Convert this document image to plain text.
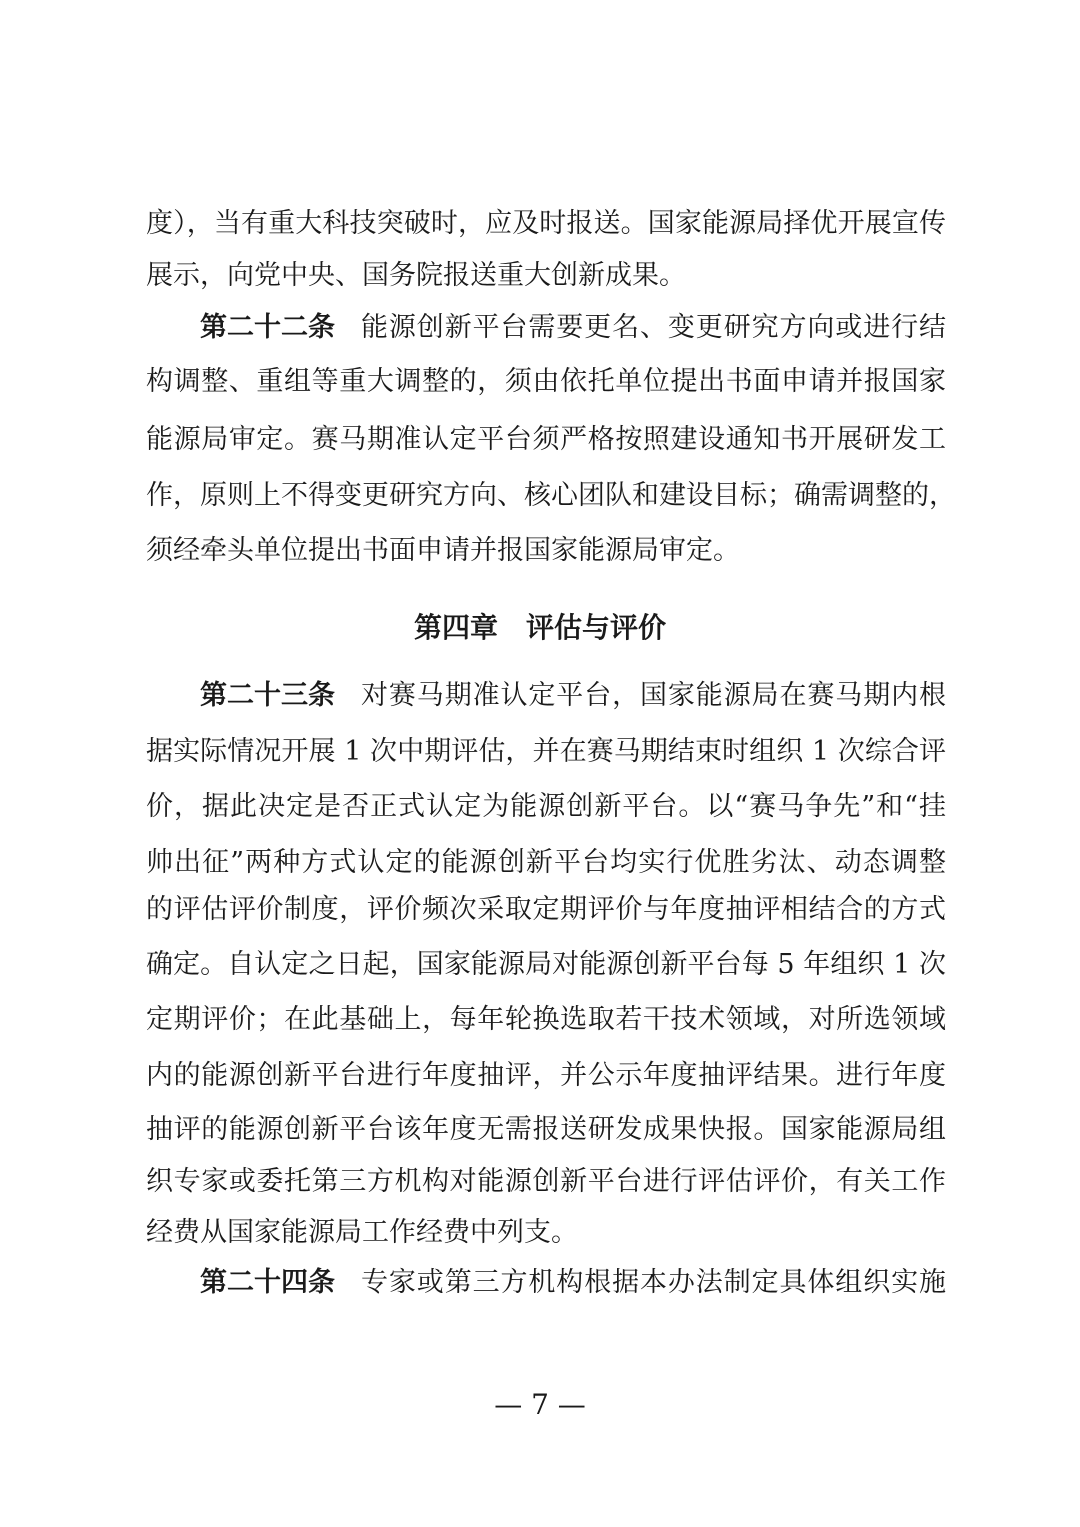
度），当有重大科技突破时，应及时报送。国家能源局择优开展宣传
展示，向党中央、国务院报送重大创新成果。
第二十二条 能源创新平台需要更名、变更研究方向或进行结
构调整、重组等重大调整的，须由依托单位提出书面申请并报国家
能源局审定。赛马期准认定平台须严格按照建设通知书开展研发工
作，原则上不得变更研究方向、核心团队和建设目标；确需调整的，
须经牵头单位提出书面申请并报国家能源局审定。
第四章　评估与评价
第二十三条 对赛马期准认定平台，国家能源局在赛马期内根
据实际情况开展 1 次中期评估，并在赛马期结束时组织 1 次综合评
价，据此决定是否正式认定为能源创新平台。以“赛马争先”和“挂
帅出征”两种方式认定的能源创新平台均实行优胜劣汰、动态调整
的评估评价制度，评价频次采取定期评价与年度抽评相结合的方式
确定。自认定之日起，国家能源局对能源创新平台每 5 年组织 1 次
定期评价；在此基础上，每年轮换选取若干技术领域，对所选领域
内的能源创新平台进行年度抽评，并公示年度抽评结果。进行年度
抽评的能源创新平台该年度无需报送研发成果快报。国家能源局组
织专家或委托第三方机构对能源创新平台进行评估评价，有关工作
经费从国家能源局工作经费中列支。
第二十四条 专家或第三方机构根据本办法制定具体组织实施
— 7 —
